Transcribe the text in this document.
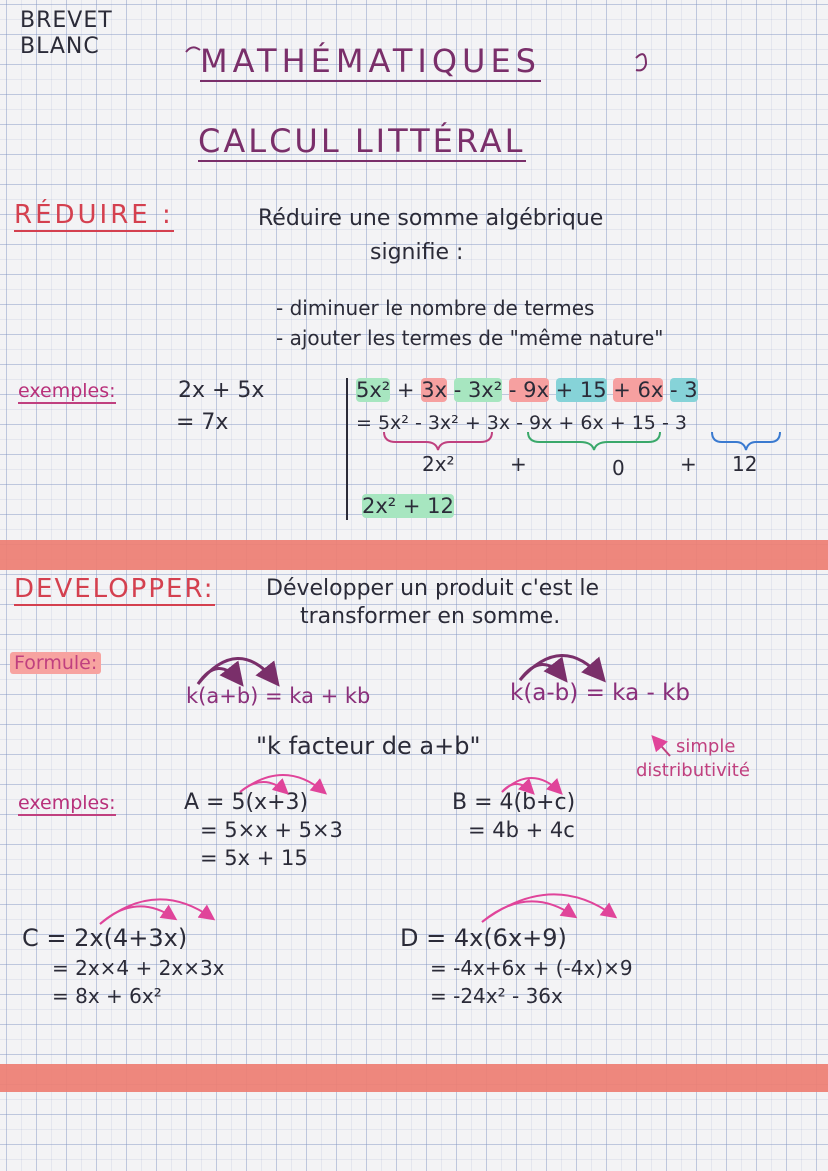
BREVET
BLANC	MATHÉMATIQUES
CALCUL LITTÉRAL
RÉDUIRE :	Réduire une somme algébrique
signifie :
- diminuer le nombre de termes
- ajouter les termes de "même nature"
exemples:	2x + 5x
= 7x
5x² + 3x - 3x² - 9x + 15 + 6x - 3
= 5x² - 3x² + 3x - 9x + 6x + 15 - 3
2x²	+	0	+ 12
2x² + 12
DEVELOPPER: Développer un produit c'est le
transformer en somme.
Formule:
k(a+b) = ka + kb	k(a-b) = ka - kb
"k facteur de a+b"	simple
distributivité
exemples:	A = 5(x+3)
= 5×x + 5×3
= 5x + 15
B = 4(b+c)
= 4b + 4c
C = 2x(4+3x)
= 2x×4 + 2x×3x
= 8x + 6x²
D = 4x(6x+9)
= -4x+6x + (-4x)×9
= -24x² - 36x
